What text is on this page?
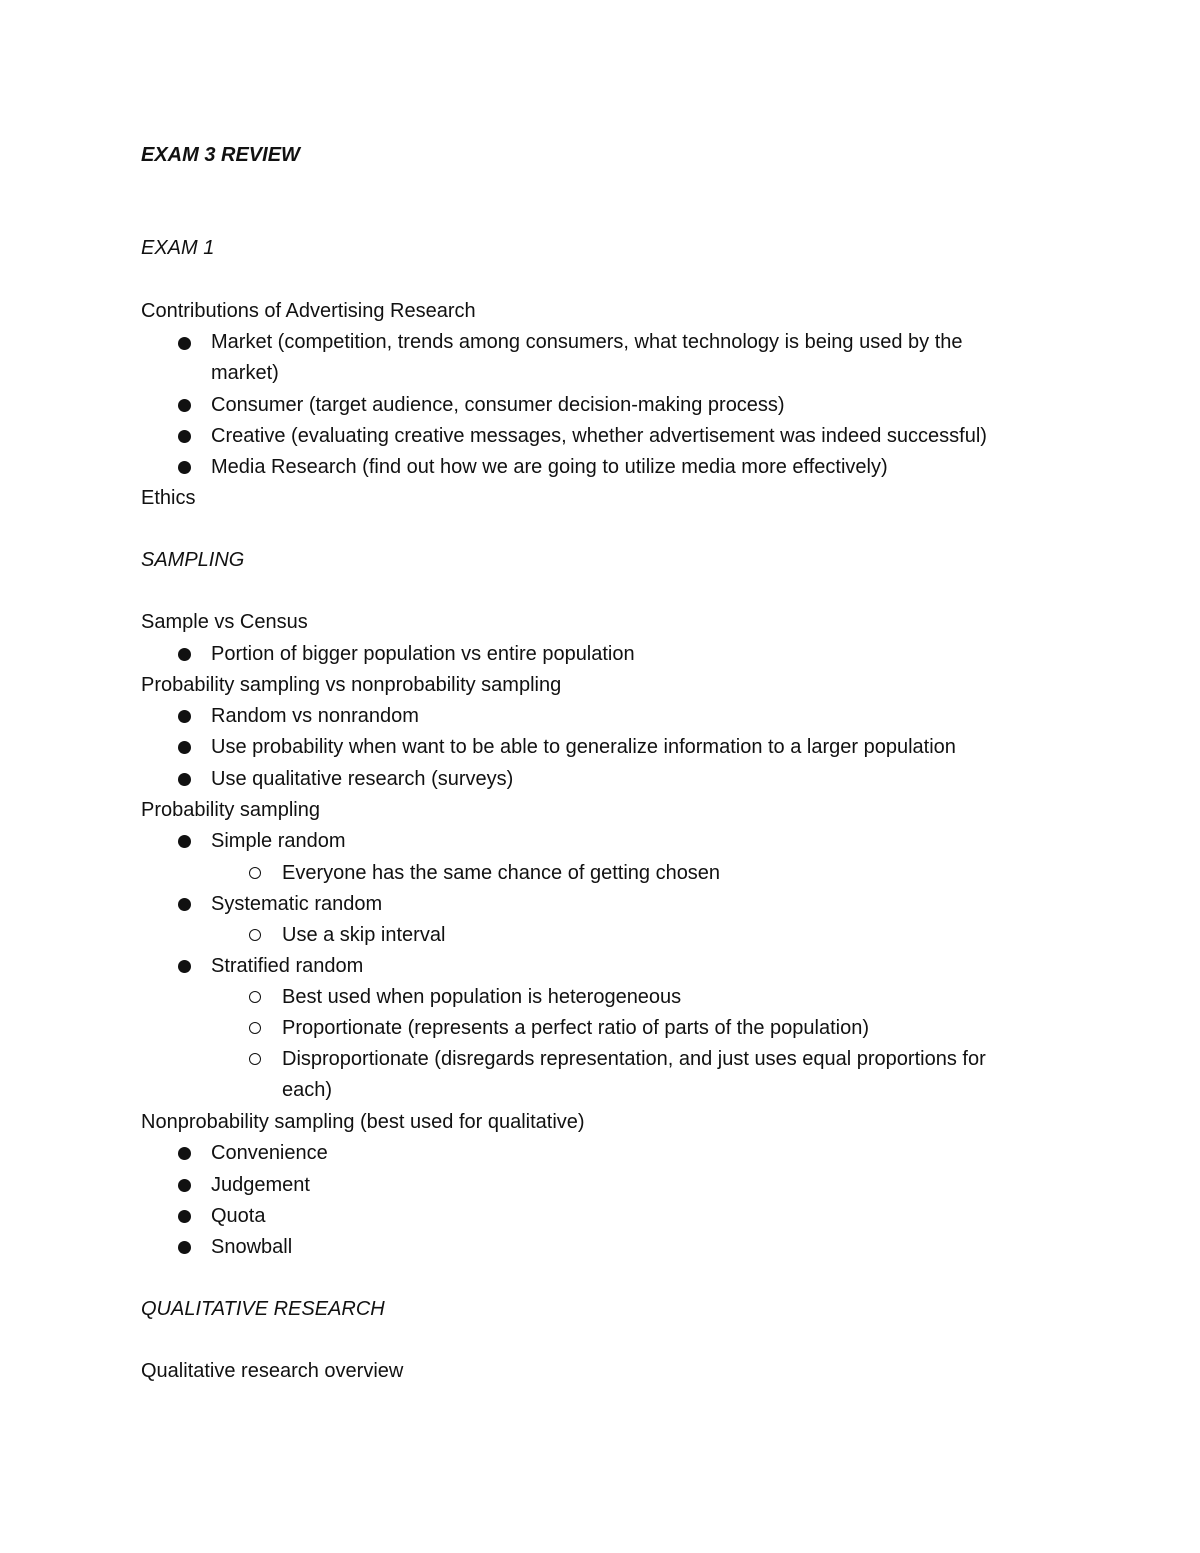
EXAM 3 REVIEW
EXAM 1
Contributions of Advertising Research
Market (competition, trends among consumers, what technology is being used by the
market)
Consumer (target audience, consumer decision-making process)
Creative (evaluating creative messages, whether advertisement was indeed successful)
Media Research (find out how we are going to utilize media more effectively)
Ethics
SAMPLING
Sample vs Census
Portion of bigger population vs entire population
Probability sampling vs nonprobability sampling
Random vs nonrandom
Use probability when want to be able to generalize information to a larger population
Use qualitative research (surveys)
Probability sampling
Simple random
Everyone has the same chance of getting chosen
Systematic random
Use a skip interval
Stratified random
Best used when population is heterogeneous
Proportionate (represents a perfect ratio of parts of the population)
Disproportionate (disregards representation, and just uses equal proportions for
each)
Nonprobability sampling (best used for qualitative)
Convenience
Judgement
Quota
Snowball
QUALITATIVE RESEARCH
Qualitative research overview
